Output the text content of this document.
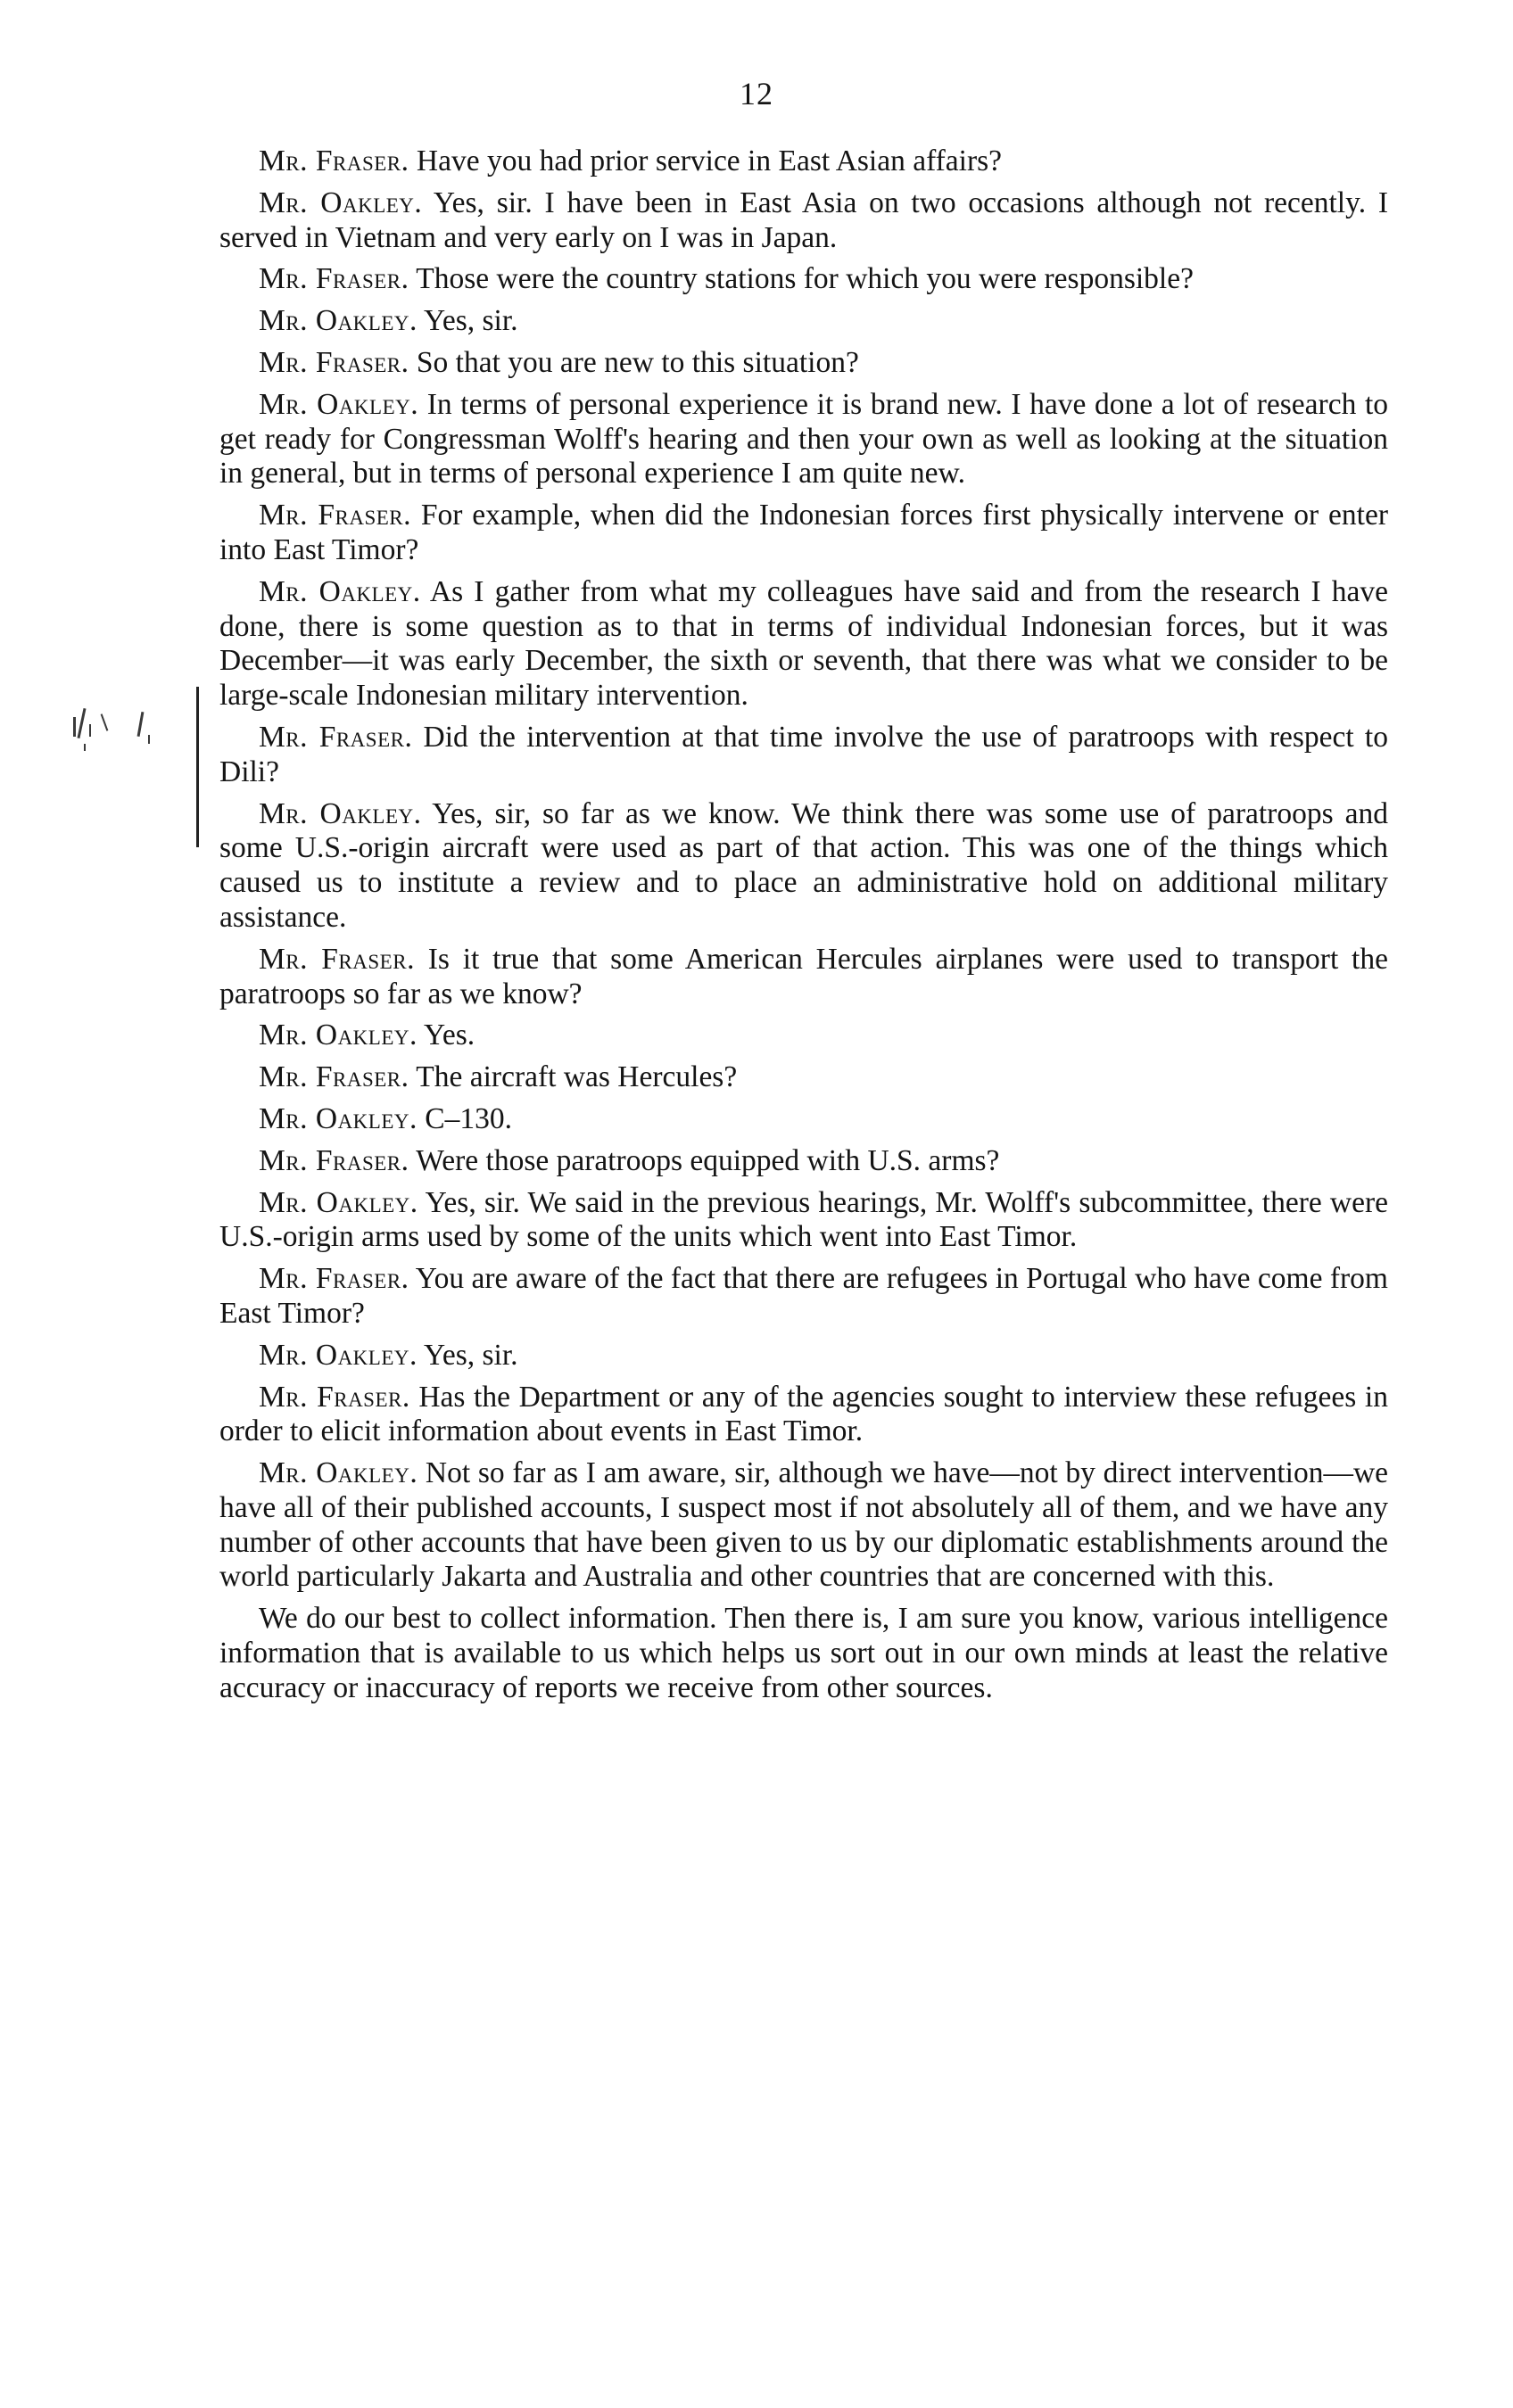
12

Mr. Fraser. Have you had prior service in East Asian affairs?

Mr. Oakley. Yes, sir. I have been in East Asia on two occasions although not recently. I served in Vietnam and very early on I was in Japan.

Mr. Fraser. Those were the country stations for which you were responsible?

Mr. Oakley. Yes, sir.

Mr. Fraser. So that you are new to this situation?

Mr. Oakley. In terms of personal experience it is brand new. I have done a lot of research to get ready for Congressman Wolff's hearing and then your own as well as looking at the situation in general, but in terms of personal experience I am quite new.

Mr. Fraser. For example, when did the Indonesian forces first physically intervene or enter into East Timor?

Mr. Oakley. As I gather from what my colleagues have said and from the research I have done, there is some question as to that in terms of individual Indonesian forces, but it was December—it was early December, the sixth or seventh, that there was what we consider to be large-scale Indonesian military intervention.

Mr. Fraser. Did the intervention at that time involve the use of paratroops with respect to Dili?

Mr. Oakley. Yes, sir, so far as we know. We think there was some use of paratroops and some U.S.-origin aircraft were used as part of that action. This was one of the things which caused us to institute a review and to place an administrative hold on additional military assistance.

Mr. Fraser. Is it true that some American Hercules airplanes were used to transport the paratroops so far as we know?

Mr. Oakley. Yes.

Mr. Fraser. The aircraft was Hercules?

Mr. Oakley. C–130.

Mr. Fraser. Were those paratroops equipped with U.S. arms?

Mr. Oakley. Yes, sir. We said in the previous hearings, Mr. Wolff's subcommittee, there were U.S.-origin arms used by some of the units which went into East Timor.

Mr. Fraser. You are aware of the fact that there are refugees in Portugal who have come from East Timor?

Mr. Oakley. Yes, sir.

Mr. Fraser. Has the Department or any of the agencies sought to interview these refugees in order to elicit information about events in East Timor.

Mr. Oakley. Not so far as I am aware, sir, although we have—not by direct intervention—we have all of their published accounts, I suspect most if not absolutely all of them, and we have any number of other accounts that have been given to us by our diplomatic establishments around the world particularly Jakarta and Australia and other countries that are concerned with this.

We do our best to collect information. Then there is, I am sure you know, various intelligence information that is available to us which helps us sort out in our own minds at least the relative accuracy or inaccuracy of reports we receive from other sources.
